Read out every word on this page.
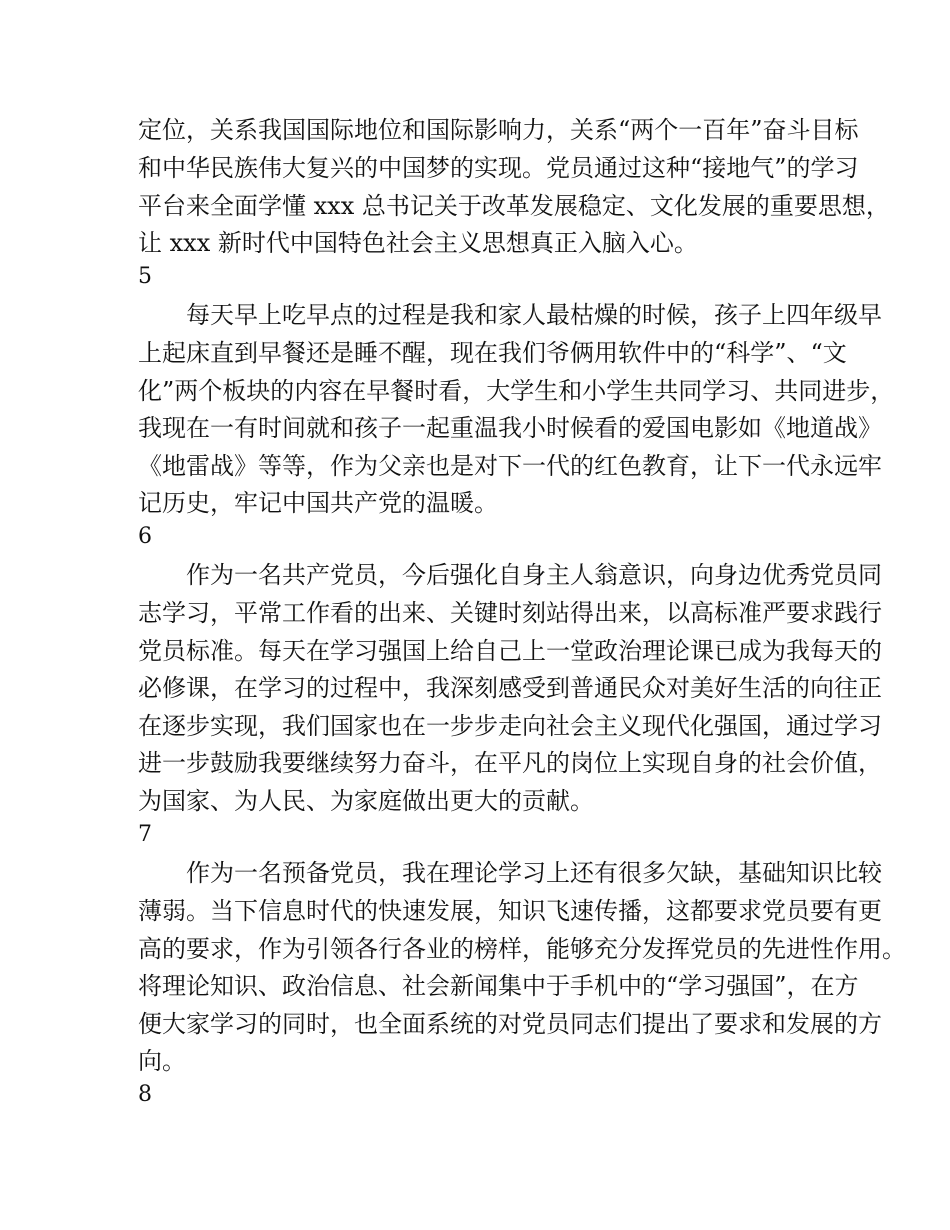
定位，关系我国国际地位和国际影响力，关系“两个一百年”奋斗目标

和中华民族伟大复兴的中国梦的实现。党员通过这种“接地气”的学习

平台来全面学懂 xxx 总书记关于改革发展稳定、文化发展的重要思想，

让 xxx 新时代中国特色社会主义思想真正入脑入心。

5

　　每天早上吃早点的过程是我和家人最枯燥的时候，孩子上四年级早

上起床直到早餐还是睡不醒，现在我们爷俩用软件中的“科学”、“文

化”两个板块的内容在早餐时看，大学生和小学生共同学习、共同进步，

我现在一有时间就和孩子一起重温我小时候看的爱国电影如《地道战》

《地雷战》等等，作为父亲也是对下一代的红色教育，让下一代永远牢

记历史，牢记中国共产党的温暖。

6

　　作为一名共产党员，今后强化自身主人翁意识，向身边优秀党员同

志学习，平常工作看的出来、关键时刻站得出来，以高标准严要求践行

党员标准。每天在学习强国上给自己上一堂政治理论课已成为我每天的

必修课，在学习的过程中，我深刻感受到普通民众对美好生活的向往正

在逐步实现，我们国家也在一步步走向社会主义现代化强国，通过学习

进一步鼓励我要继续努力奋斗，在平凡的岗位上实现自身的社会价值，

为国家、为人民、为家庭做出更大的贡献。

7

　　作为一名预备党员，我在理论学习上还有很多欠缺，基础知识比较

薄弱。当下信息时代的快速发展，知识飞速传播，这都要求党员要有更

高的要求，作为引领各行各业的榜样，能够充分发挥党员的先进性作用。

将理论知识、政治信息、社会新闻集中于手机中的“学习强国”，在方

便大家学习的同时，也全面系统的对党员同志们提出了要求和发展的方

向。

8
